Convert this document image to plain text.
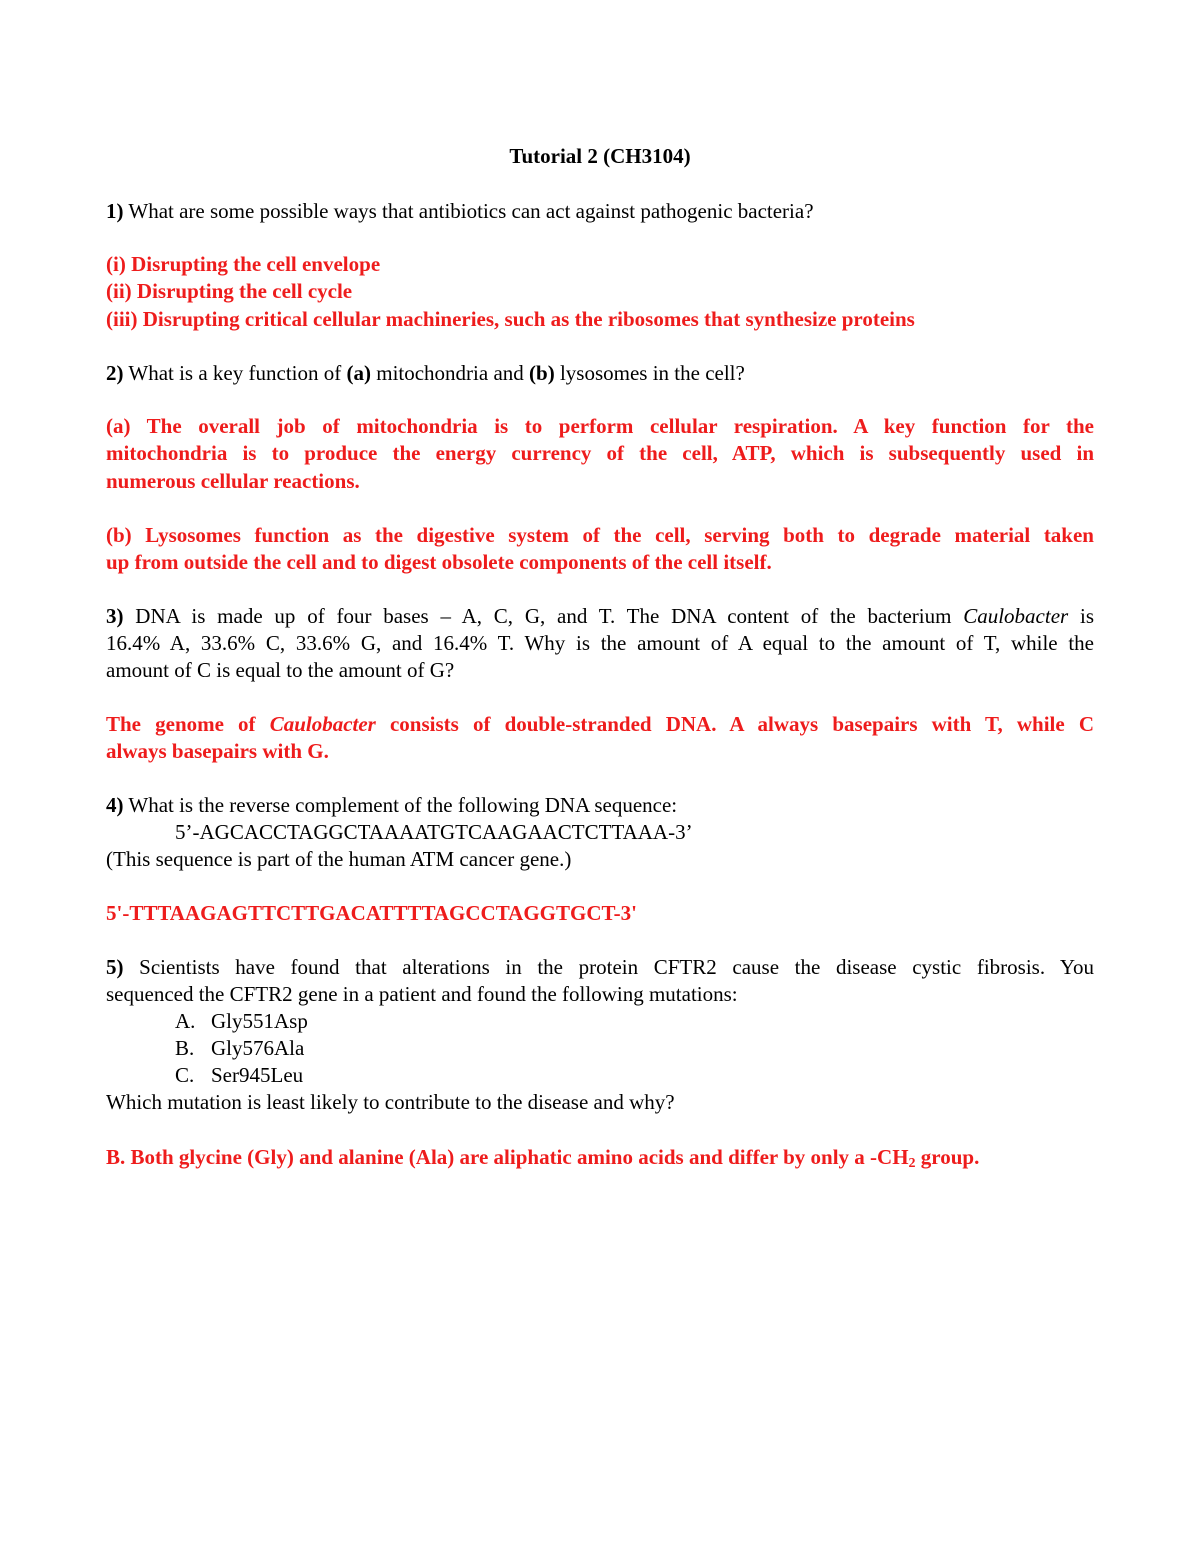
Tutorial 2 (CH3104)
1) What are some possible ways that antibiotics can act against pathogenic bacteria?
(i) Disrupting the cell envelope
(ii) Disrupting the cell cycle
(iii) Disrupting critical cellular machineries, such as the ribosomes that synthesize proteins
2) What is a key function of (a) mitochondria and (b) lysosomes in the cell?
(a) The overall job of mitochondria is to perform cellular respiration. A key function for the
mitochondria is to produce the energy currency of the cell, ATP, which is subsequently used in
numerous cellular reactions.
(b) Lysosomes function as the digestive system of the cell, serving both to degrade material taken
up from outside the cell and to digest obsolete components of the cell itself.
3) DNA is made up of four bases – A, C, G, and T. The DNA content of the bacterium Caulobacter is
16.4% A, 33.6% C, 33.6% G, and 16.4% T. Why is the amount of A equal to the amount of T, while the
amount of C is equal to the amount of G?
The genome of Caulobacter consists of double-stranded DNA. A always basepairs with T, while C
always basepairs with G.
4) What is the reverse complement of the following DNA sequence:
5’-AGCACCTAGGCTAAAATGTCAAGAACTCTTAAA-3’
(This sequence is part of the human ATM cancer gene.)
5'-TTTAAGAGTTCTTGACATTTTAGCCTAGGTGCT-3'
5) Scientists have found that alterations in the protein CFTR2 cause the disease cystic fibrosis. You
sequenced the CFTR2 gene in a patient and found the following mutations:
A. Gly551Asp
B. Gly576Ala
C. Ser945Leu
Which mutation is least likely to contribute to the disease and why?
B. Both glycine (Gly) and alanine (Ala) are aliphatic amino acids and differ by only a $-CH_2$ group.
